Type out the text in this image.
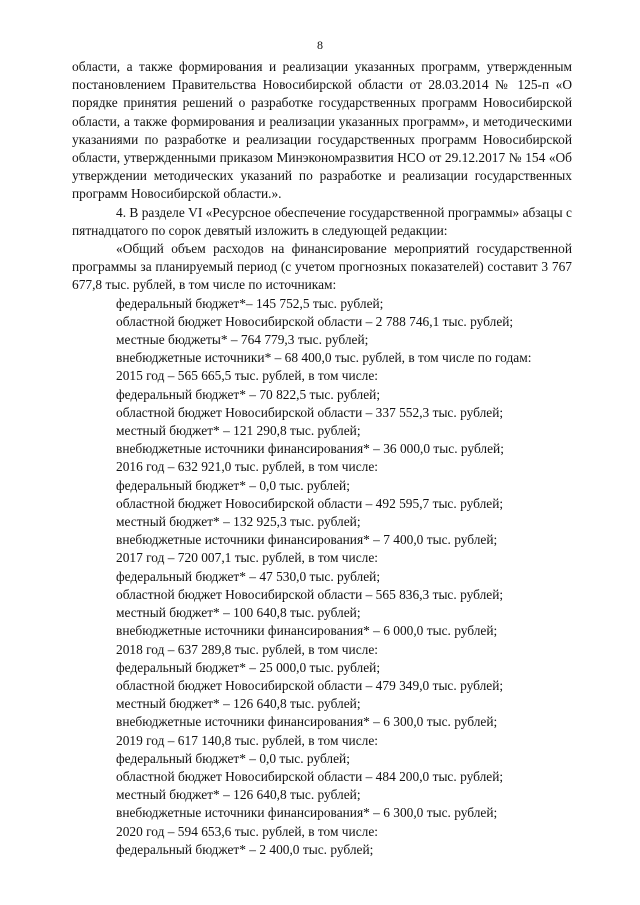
8

области, а также формирования и реализации указанных программ, утвержденным постановлением Правительства Новосибирской области от 28.03.2014 № 125-п «О порядке принятия решений о разработке государственных программ Новосибирской области, а также формирования и реализации указанных программ», и методическими указаниями по разработке и реализации государственных программ Новосибирской области, утвержденными приказом Минэкономразвития НСО от 29.12.2017 № 154 «Об утверждении методических указаний по разработке и реализации государственных программ Новосибирской области.».

4. В разделе VI «Ресурсное обеспечение государственной программы» абзацы с пятнадцатого по сорок девятый изложить в следующей редакции:

«Общий объем расходов на финансирование мероприятий государственной программы за планируемый период (с учетом прогнозных показателей) составит 3 767 677,8 тыс. рублей, в том числе по источникам:

федеральный бюджет*– 145 752,5 тыс. рублей;

областной бюджет Новосибирской области – 2 788 746,1 тыс. рублей;

местные бюджеты* – 764 779,3 тыс. рублей;

внебюджетные источники* – 68 400,0 тыс. рублей, в том числе по годам:

2015 год – 565 665,5 тыс. рублей, в том числе:

федеральный бюджет* – 70 822,5 тыс. рублей;

областной бюджет Новосибирской области – 337 552,3 тыс. рублей;

местный бюджет* – 121 290,8 тыс. рублей;

внебюджетные источники финансирования* – 36 000,0 тыс. рублей;

2016 год – 632 921,0 тыс. рублей, в том числе:

федеральный бюджет* – 0,0 тыс. рублей;

областной бюджет Новосибирской области – 492 595,7 тыс. рублей;

местный бюджет* – 132 925,3 тыс. рублей;

внебюджетные источники финансирования* – 7 400,0 тыс. рублей;

2017 год – 720 007,1 тыс. рублей, в том числе:

федеральный бюджет* – 47 530,0 тыс. рублей;

областной бюджет Новосибирской области – 565 836,3 тыс. рублей;

местный бюджет* – 100 640,8 тыс. рублей;

внебюджетные источники финансирования* – 6 000,0 тыс. рублей;

2018 год – 637 289,8 тыс. рублей, в том числе:

федеральный бюджет* – 25 000,0 тыс. рублей;

областной бюджет Новосибирской области – 479 349,0 тыс. рублей;

местный бюджет* – 126 640,8 тыс. рублей;

внебюджетные источники финансирования* – 6 300,0 тыс. рублей;

2019 год – 617 140,8 тыс. рублей, в том числе:

федеральный бюджет* – 0,0 тыс. рублей;

областной бюджет Новосибирской области – 484 200,0 тыс. рублей;

местный бюджет* – 126 640,8 тыс. рублей;

внебюджетные источники финансирования* – 6 300,0 тыс. рублей;

2020 год – 594 653,6 тыс. рублей, в том числе:

федеральный бюджет* – 2 400,0 тыс. рублей;
